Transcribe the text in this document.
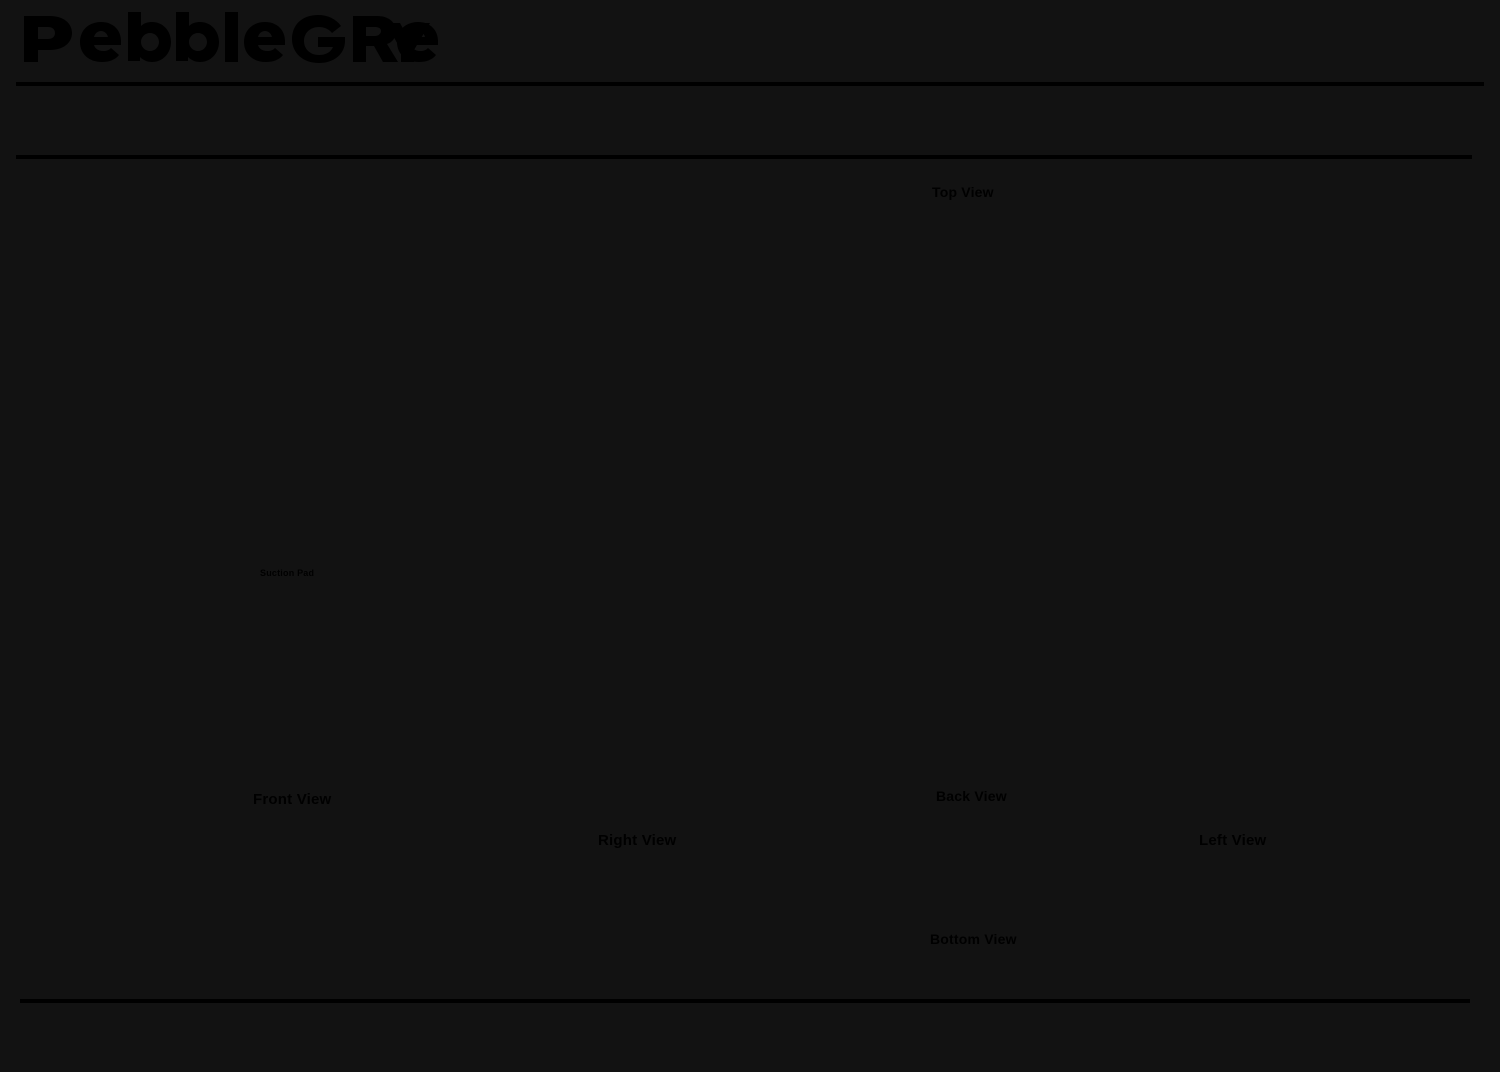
Top View
Suction Pad
Front View	Back View
Right View	Left View
Bottom View
